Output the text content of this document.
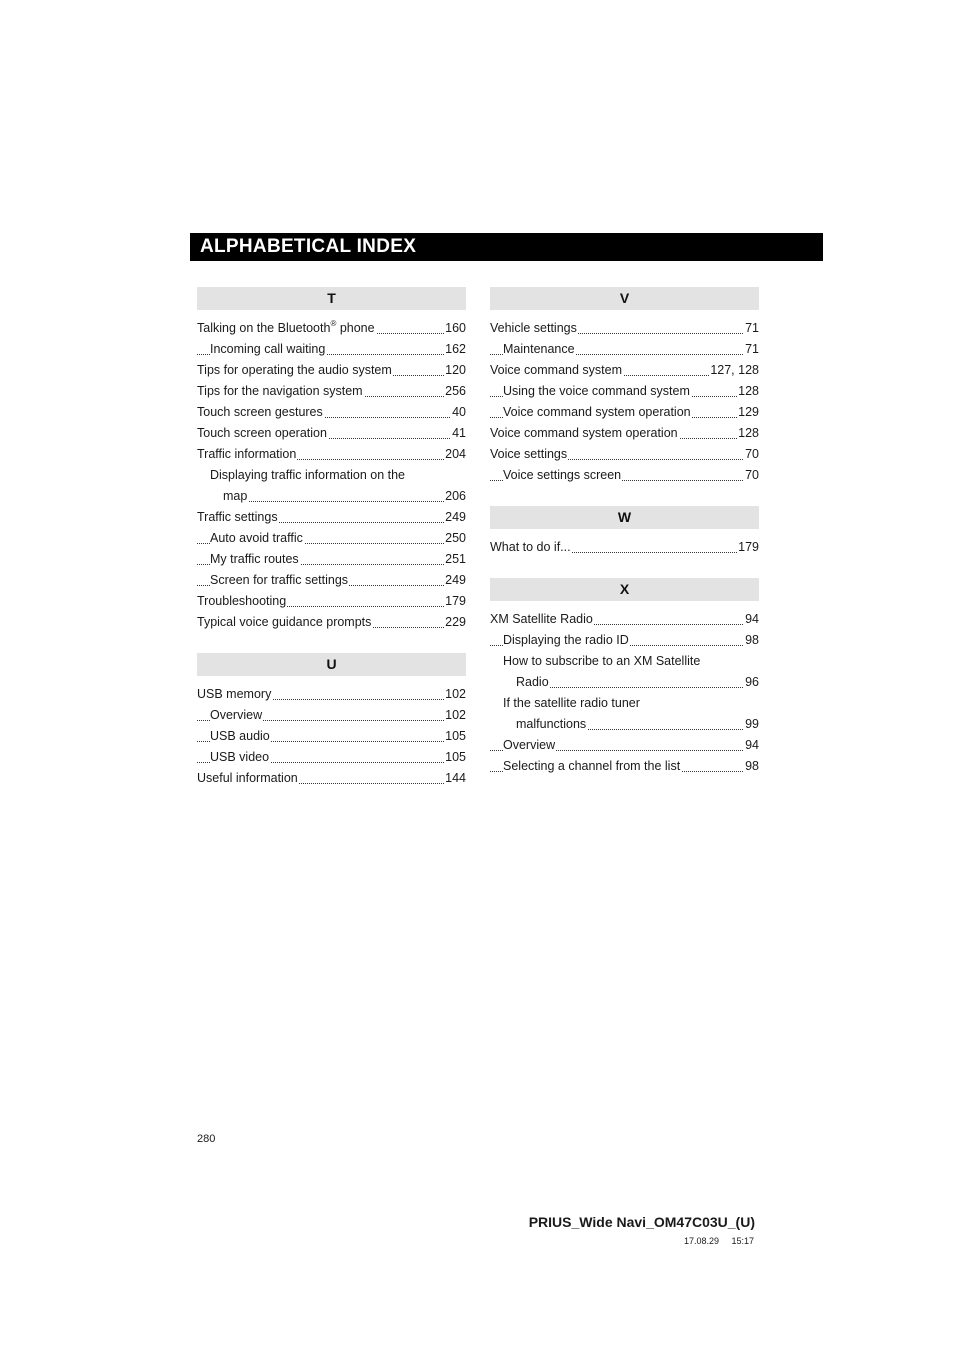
ALPHABETICAL INDEX
T
Talking on the Bluetooth® phone	160
Incoming call waiting	162
Tips for operating the audio system	120
Tips for the navigation system	256
Touch screen gestures	40
Touch screen operation	41
Traffic information	204
Displaying traffic information on the
map	206
Traffic settings	249
Auto avoid traffic	250
My traffic routes	251
Screen for traffic settings	249
Troubleshooting	179
Typical voice guidance prompts	229
U
USB memory	102
Overview	102
USB audio	105
USB video	105
Useful information	144
V
Vehicle settings	71
Maintenance	71
Voice command system	127, 128
Using the voice command system	128
Voice command system operation	129
Voice command system operation	128
Voice settings	70
Voice settings screen	70
W
What to do if...	179
X
XM Satellite Radio	94
Displaying the radio ID	98
How to subscribe to an XM Satellite
Radio	96
If the satellite radio tuner
malfunctions	99
Overview	94
Selecting a channel from the list	98
280
PRIUS_Wide Navi_OM47C03U_(U)
17.08.29     15:17
